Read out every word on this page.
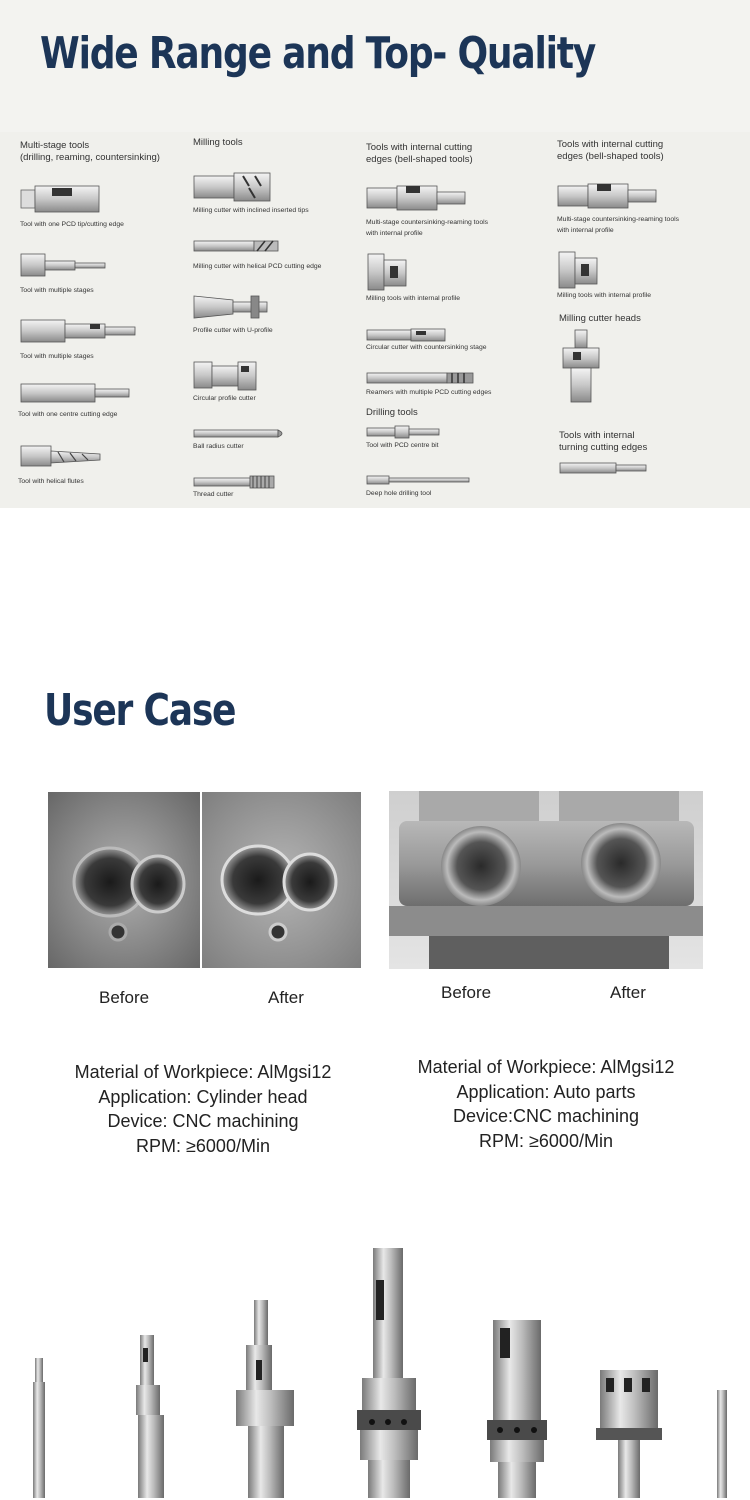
Wide Range and Top- Quality
Multi-stage tools
(drilling, reaming, countersinking)
Tool with one PCD tip/cutting edge
Tool with multiple stages
Tool with multiple stages
Tool with one centre cutting edge
Tool with helical flutes
Milling tools
Milling cutter with inclined inserted tips
Milling cutter with helical PCD cutting edge
Profile cutter with U-profile
Circular profile cutter
Ball radius cutter
Thread cutter
Tools with internal cutting
edges (bell-shaped tools)
Multi-stage countersinking-reaming tools
with internal profile
Milling tools with internal profile
Circular cutter with countersinking stage
Reamers with multiple PCD cutting edges
Drilling tools
Tool with PCD centre bit
Deep hole drilling tool
Tools with internal cutting
edges (bell-shaped tools)
Multi-stage countersinking-reaming tools
with internal profile
Milling tools with internal profile
Milling cutter heads
Tools with internal
turning cutting edges
User Case
Before	After
Material of Workpiece: AlMgsi12
Application: Cylinder head
Device: CNC machining
RPM: ≥6000/Min
Before	After
Material of Workpiece: AlMgsi12
Application: Auto parts
Device:CNC machining
RPM: ≥6000/Min
